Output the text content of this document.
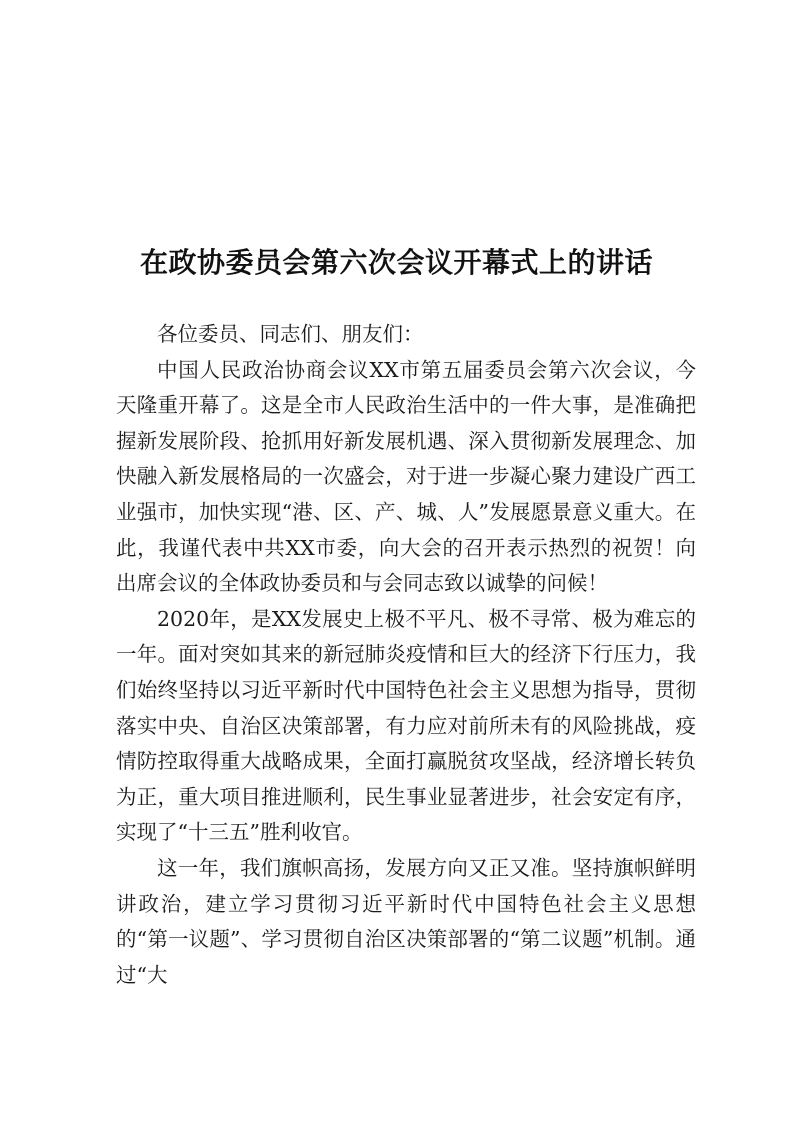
在政协委员会第六次会议开幕式上的讲话

各位委员、同志们、朋友们：

中国人民政治协商会议XX市第五届委员会第六次会议，今天隆重开幕了。这是全市人民政治生活中的一件大事，是准确把握新发展阶段、抢抓用好新发展机遇、深入贯彻新发展理念、加快融入新发展格局的一次盛会，对于进一步凝心聚力建设广西工业强市，加快实现“港、区、产、城、人”发展愿景意义重大。在此，我谨代表中共XX市委，向大会的召开表示热烈的祝贺！向出席会议的全体政协委员和与会同志致以诚挚的问候！

2020年，是XX发展史上极不平凡、极不寻常、极为难忘的一年。面对突如其来的新冠肺炎疫情和巨大的经济下行压力，我们始终坚持以习近平新时代中国特色社会主义思想为指导，贯彻落实中央、自治区决策部署，有力应对前所未有的风险挑战，疫情防控取得重大战略成果，全面打赢脱贫攻坚战，经济增长转负为正，重大项目推进顺利，民生事业显著进步，社会安定有序，实现了“十三五”胜利收官。

这一年，我们旗帜高扬，发展方向又正又准。坚持旗帜鲜明讲政治，建立学习贯彻习近平新时代中国特色社会主义思想的“第一议题”、学习贯彻自治区决策部署的“第二议题”机制。通过“大
